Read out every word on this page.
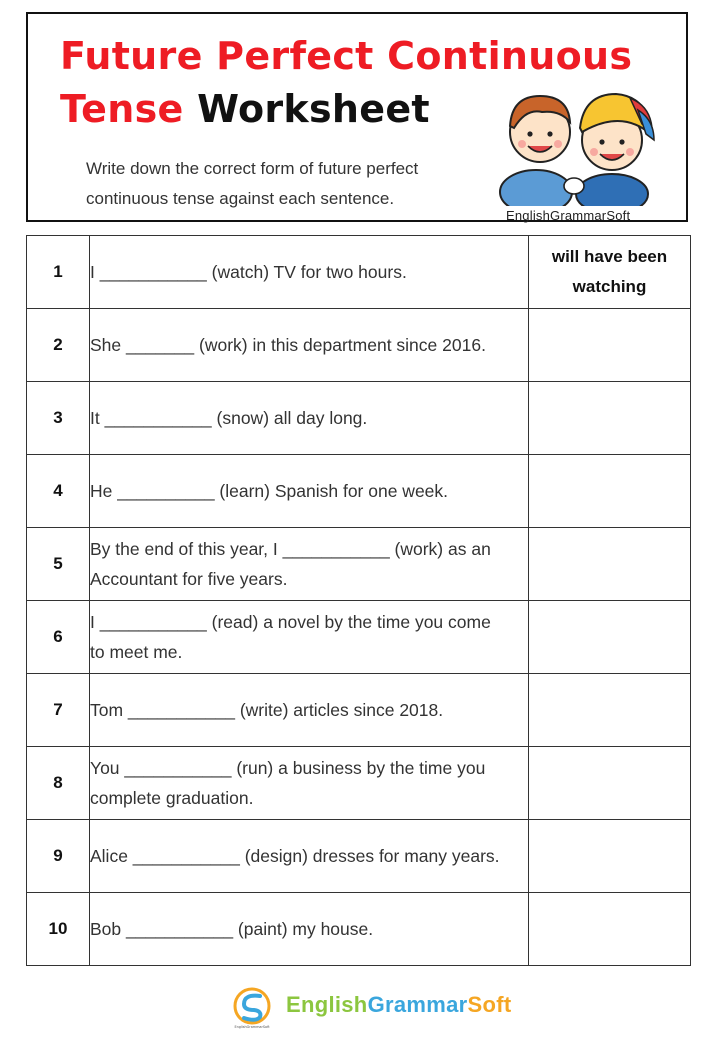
Future Perfect Continuous
Tense Worksheet

Write down the correct form of future perfect
continuous tense against each sentence.

EnglishGrammarSoft
1	I ___________ (watch) TV for two hours.	will have been
watching

2	She _______ (work) in this department since 2016.	

3	It ___________ (snow) all day long.	

4	He __________ (learn) Spanish for one week.	

5	By the end of this year, I ___________ (work) as an
Accountant for five years.	

6	I ___________ (read) a novel by the time you come
to meet me.	

7	Tom ___________ (write) articles since 2018.	

8	You ___________ (run) a business by the time you
complete graduation.	

9	Alice ___________ (design) dresses for many years.	

10	Bob ___________ (paint) my house.	

EnglishGrammarSoft
EnglishGrammarSoft
